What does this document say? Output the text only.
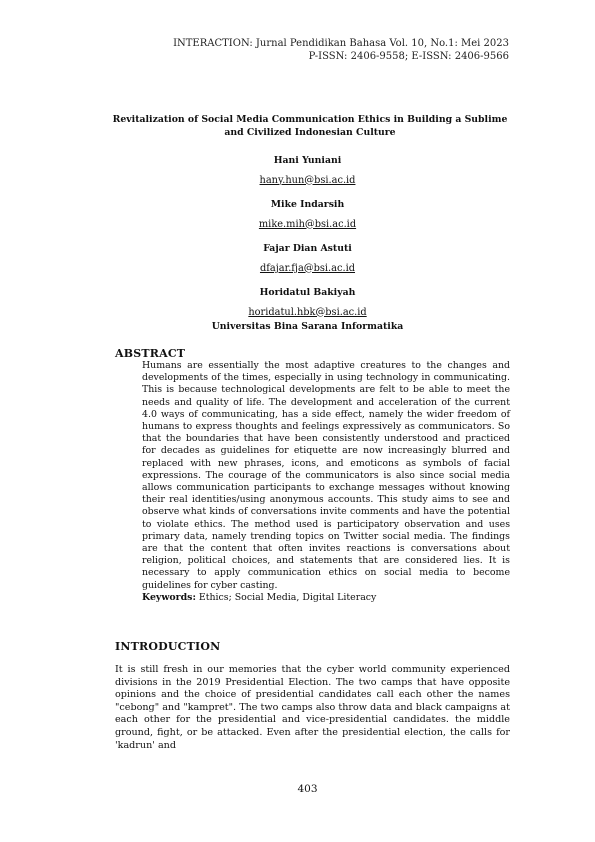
INTERACTION: Jurnal Pendidikan Bahasa Vol. 10, No.1: Mei 2023
P-ISSN: 2406-9558; E-ISSN: 2406-9566
Revitalization of Social Media Communication Ethics in Building a Sublime
and Civilized Indonesian Culture
Hani Yuniani
hany.hun@bsi.ac.id
Mike Indarsih
mike.mih@bsi.ac.id
Fajar Dian Astuti
dfajar.fja@bsi.ac.id
Horidatul Bakiyah
horidatul.hbk@bsi.ac.id
Universitas Bina Sarana Informatika
ABSTRACT

Humans are essentially the most adaptive creatures to the changes and developments of the times, especially in using technology in communicating. This is because technological developments are felt to be able to meet the needs and quality of life. The development and acceleration of the current 4.0 ways of communicating, has a side effect, namely the wider freedom of humans to express thoughts and feelings expressively as communicators. So that the boundaries that have been consistently understood and practiced for decades as guidelines for etiquette are now increasingly blurred and replaced with new phrases, icons, and emoticons as symbols of facial expressions. The courage of the communicators is also since social media allows communication participants to exchange messages without knowing their real identities/using anonymous accounts. This study aims to see and observe what kinds of conversations invite comments and have the potential to violate ethics. The method used is participatory observation and uses primary data, namely trending topics on Twitter social media. The findings are that the content that often invites reactions is conversations about religion, political choices, and statements that are considered lies. It is necessary to apply communication ethics on social media to become guidelines for cyber casting.

Keywords: Ethics; Social Media, Digital Literacy

INTRODUCTION

It is still fresh in our memories that the cyber world community experienced divisions in the 2019 Presidential Election. The two camps that have opposite opinions and the choice of presidential candidates call each other the names "cebong" and "kampret". The two camps also throw data and black campaigns at each other for the presidential and vice-presidential candidates. the middle ground, fight, or be attacked. Even after the presidential election, the calls for 'kadrun' and

403
